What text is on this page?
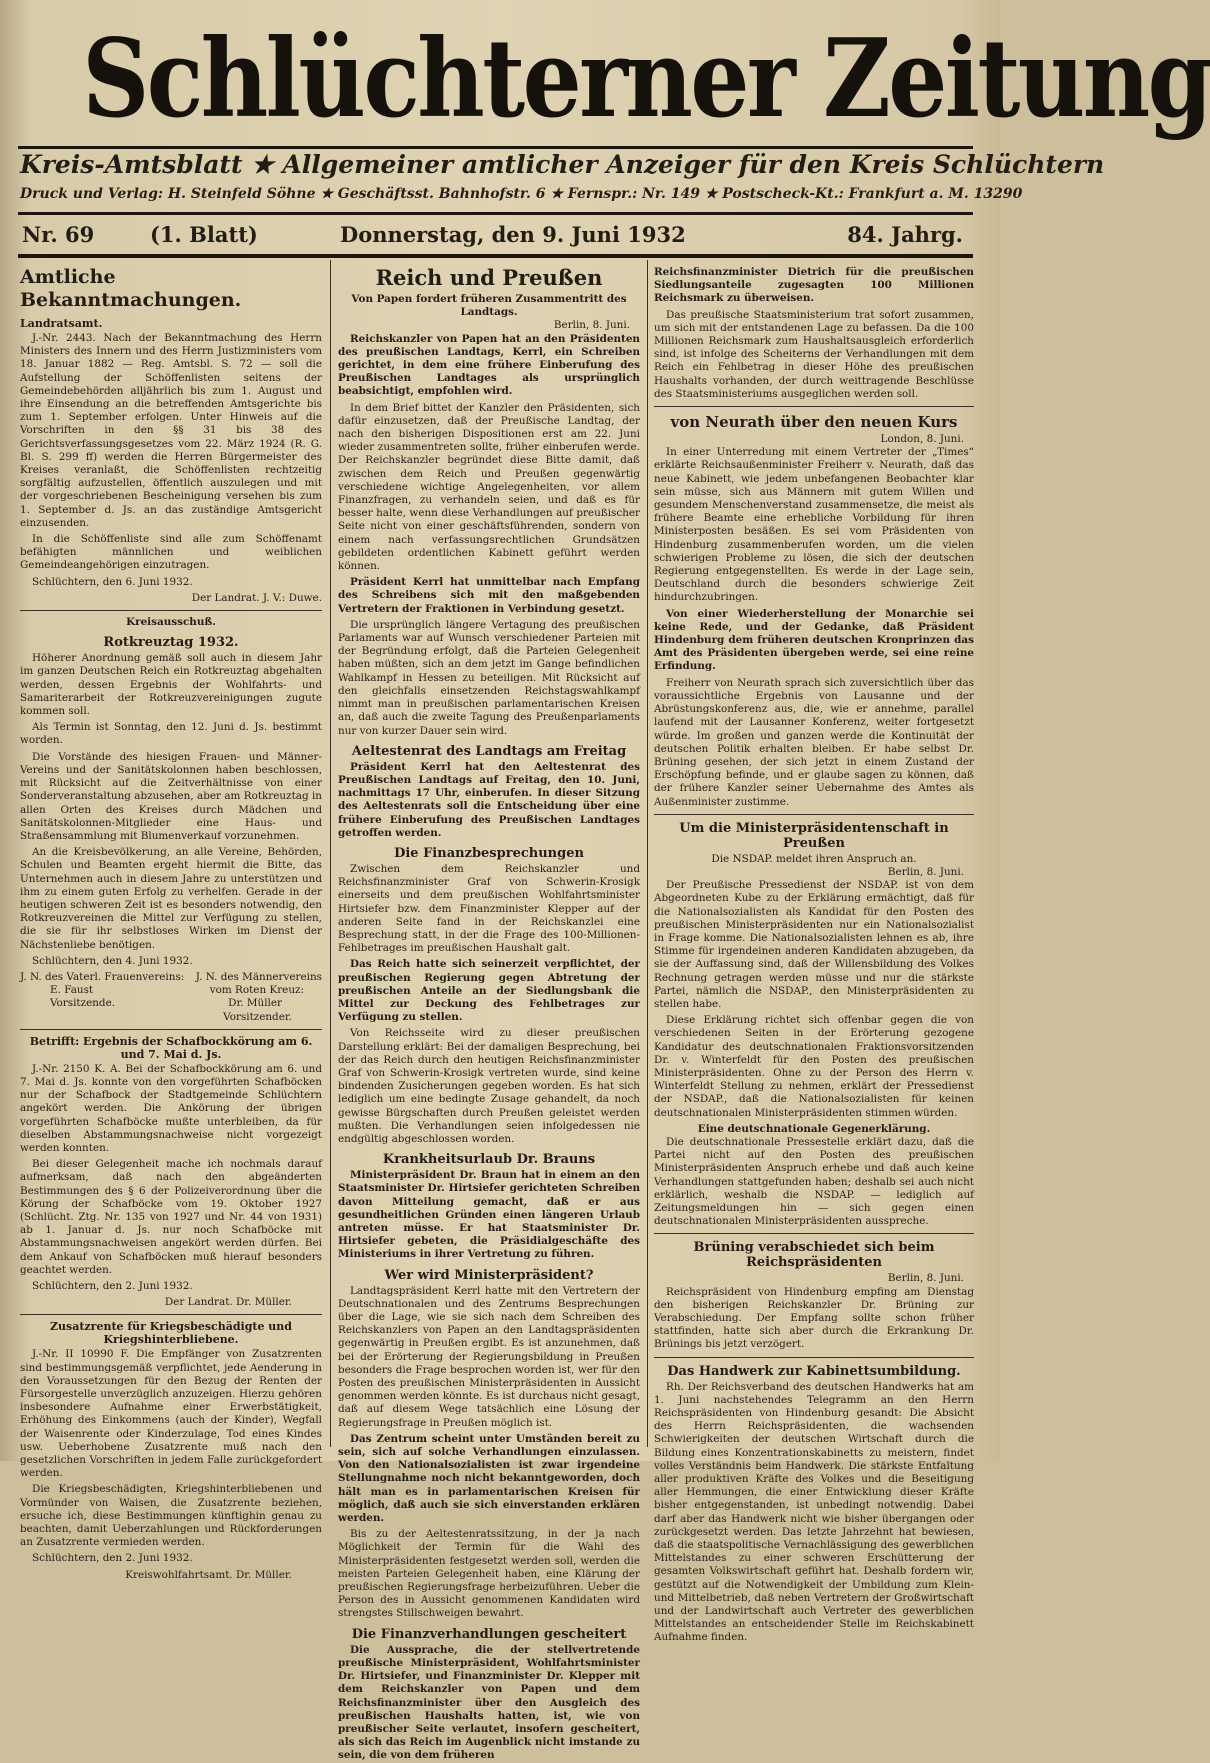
Schlüchterner Zeitung
Kreis-Amtsblatt ★ Allgemeiner amtlicher Anzeiger für den Kreis Schlüchtern
Druck und Verlag: H. Steinfeld Söhne ★ Geschäftsst. Bahnhofstr. 6 ★ Fernspr.: Nr. 149 ★ Postscheck-Kt.: Frankfurt a. M. 13290
Nr. 69	(1. Blatt)	Donnerstag, den 9. Juni 1932	84. Jahrg.
Amtliche Bekanntmachungen.
Landratsamt.

J.-Nr. 2443. Nach der Bekanntmachung des Herrn Ministers des Innern und des Herrn Justizministers vom 18. Januar 1882 — Reg. Amtsbl. S. 72 — soll die Aufstellung der Schöffenlisten seitens der Gemeindebehörden alljährlich bis zum 1. August und ihre Einsendung an die betreffenden Amtsgerichte bis zum 1. September erfolgen. Unter Hinweis auf die Vorschriften in den §§ 31 bis 38 des Gerichtsverfassungsgesetzes vom 22. März 1924 (R. G. Bl. S. 299 ff) werden die Herren Bürgermeister des Kreises veranlaßt, die Schöffenlisten rechtzeitig sorgfältig aufzustellen, öffentlich auszulegen und mit der vorgeschriebenen Bescheinigung versehen bis zum 1. September d. Js. an das zuständige Amtsgericht einzusenden.

In die Schöffenliste sind alle zum Schöffenamt befähigten männlichen und weiblichen Gemeindeangehörigen einzutragen.

Schlüchtern, den 6. Juni 1932.

Der Landrat. J. V.: Duwe.
Kreisausschuß.
Rotkreuztag 1932.

Höherer Anordnung gemäß soll auch in diesem Jahr im ganzen Deutschen Reich ein Rotkreuztag abgehalten werden, dessen Ergebnis der Wohlfahrts- und Samariterarbeit der Rotkreuzvereinigungen zugute kommen soll.

Als Termin ist Sonntag, den 12. Juni d. Js. bestimmt worden.

Die Vorstände des hiesigen Frauen- und Männer-Vereins und der Sanitätskolonnen haben beschlossen, mit Rücksicht auf die Zeitverhältnisse von einer Sonderveranstaltung abzusehen, aber am Rotkreuztag in allen Orten des Kreises durch Mädchen und Sanitätskolonnen-Mitglieder eine Haus- und Straßensammlung mit Blumenverkauf vorzunehmen.

An die Kreisbevölkerung, an alle Vereine, Behörden, Schulen und Beamten ergeht hiermit die Bitte, das Unternehmen auch in diesem Jahre zu unterstützen und ihm zu einem guten Erfolg zu verhelfen. Gerade in der heutigen schweren Zeit ist es besonders notwendig, den Rotkreuzvereinen die Mittel zur Verfügung zu stellen, die sie für ihr selbstloses Wirken im Dienst der Nächstenliebe benötigen.

Schlüchtern, den 4. Juni 1932.

J. N. des Vaterl. Frauenvereins: J. N. des Männervereins
E. Faust	vom Roten Kreuz:
Vorsitzende.	Dr. Müller
Vorsitzender.
Betrifft: Ergebnis der Schafbockkörung am 6. und 7. Mai d. Js.

J.-Nr. 2150 K. A. Bei der Schafbockkörung am 6. und 7. Mai d. Js. konnte von den vorgeführten Schafböcken nur der Schafbock der Stadtgemeinde Schlüchtern angekört werden. Die Ankörung der übrigen vorgeführten Schafböcke mußte unterbleiben, da für dieselben Abstammungsnachweise nicht vorgezeigt werden konnten.

Bei dieser Gelegenheit mache ich nochmals darauf aufmerksam, daß nach den abgeänderten Bestimmungen des § 6 der Polizeiverordnung über die Körung der Schafböcke vom 19. Oktober 1927 (Schlücht. Ztg. Nr. 135 von 1927 und Nr. 44 von 1931) ab 1. Januar d. Js. nur noch Schafböcke mit Abstammungsnachweisen angekört werden dürfen. Bei dem Ankauf von Schafböcken muß hierauf besonders geachtet werden.

Schlüchtern, den 2. Juni 1932.

Der Landrat. Dr. Müller.
Zusatzrente für Kriegsbeschädigte und Kriegshinterbliebene.

J.-Nr. II 10990 F. Die Empfänger von Zusatzrenten sind bestimmungsgemäß verpflichtet, jede Aenderung in den Voraussetzungen für den Bezug der Renten der Fürsorgestelle unverzüglich anzuzeigen. Hierzu gehören insbesondere Aufnahme einer Erwerbstätigkeit, Erhöhung des Einkommens (auch der Kinder), Wegfall der Waisenrente oder Kinderzulage, Tod eines Kindes usw. Ueberhobene Zusatzrente muß nach den gesetzlichen Vorschriften in jedem Falle zurückgefordert werden.

Die Kriegsbeschädigten, Kriegshinterbliebenen und Vormünder von Waisen, die Zusatzrente beziehen, ersuche ich, diese Bestimmungen künftighin genau zu beachten, damit Ueberzahlungen und Rückforderungen an Zusatzrente vermieden werden.

Schlüchtern, den 2. Juni 1932.

Kreiswohlfahrtsamt. Dr. Müller.
Reich und Preußen
Von Papen fordert früheren Zusammentritt des Landtags.
Berlin, 8. Juni.

Reichskanzler von Papen hat an den Präsidenten des preußischen Landtags, Kerrl, ein Schreiben gerichtet, in dem eine frühere Einberufung des Preußischen Landtages als ursprünglich beabsichtigt, empfohlen wird.

In dem Brief bittet der Kanzler den Präsidenten, sich dafür einzusetzen, daß der Preußische Landtag, der nach den bisherigen Dispositionen erst am 22. Juni wieder zusammentreten sollte, früher einberufen werde. Der Reichskanzler begründet diese Bitte damit, daß zwischen dem Reich und Preußen gegenwärtig verschiedene wichtige Angelegenheiten, vor allem Finanzfragen, zu verhandeln seien, und daß es für besser halte, wenn diese Verhandlungen auf preußischer Seite nicht von einer geschäftsführenden, sondern von einem nach verfassungsrechtlichen Grundsätzen gebildeten ordentlichen Kabinett geführt werden können.

Präsident Kerrl hat unmittelbar nach Empfang des Schreibens sich mit den maßgebenden Vertretern der Fraktionen in Verbindung gesetzt.

Die ursprünglich längere Vertagung des preußischen Parlaments war auf Wunsch verschiedener Parteien mit der Begründung erfolgt, daß die Parteien Gelegenheit haben müßten, sich an dem jetzt im Gange befindlichen Wahlkampf in Hessen zu beteiligen. Mit Rücksicht auf den gleichfalls einsetzenden Reichstagswahlkampf nimmt man in preußischen parlamentarischen Kreisen an, daß auch die zweite Tagung des Preußenparlaments nur von kurzer Dauer sein wird.

Aeltestenrat des Landtags am Freitag

Präsident Kerrl hat den Aeltestenrat des Preußischen Landtags auf Freitag, den 10. Juni, nachmittags 17 Uhr, einberufen. In dieser Sitzung des Aeltestenrats soll die Entscheidung über eine frühere Einberufung des Preußischen Landtages getroffen werden.

Die Finanzbesprechungen

Zwischen dem Reichskanzler und Reichsfinanzminister Graf von Schwerin-Krosigk einerseits und dem preußischen Wohlfahrtsminister Hirtsiefer bzw. dem Finanzminister Klepper auf der anderen Seite fand in der Reichskanzlei eine Besprechung statt, in der die Frage des 100-Millionen-Fehlbetrages im preußischen Haushalt galt.

Das Reich hatte sich seinerzeit verpflichtet, der preußischen Regierung gegen Abtretung der preußischen Anteile an der Siedlungsbank die Mittel zur Deckung des Fehlbetrages zur Verfügung zu stellen.

Von Reichsseite wird zu dieser preußischen Darstellung erklärt: Bei der damaligen Besprechung, bei der das Reich durch den heutigen Reichsfinanzminister Graf von Schwerin-Krosigk vertreten wurde, sind keine bindenden Zusicherungen gegeben worden. Es hat sich lediglich um eine bedingte Zusage gehandelt, da noch gewisse Bürgschaften durch Preußen geleistet werden mußten. Die Verhandlungen seien infolgedessen nie endgültig abgeschlossen worden.

Krankheitsurlaub Dr. Brauns

Ministerpräsident Dr. Braun hat in einem an den Staatsminister Dr. Hirtsiefer gerichteten Schreiben davon Mitteilung gemacht, daß er aus gesundheitlichen Gründen einen längeren Urlaub antreten müsse. Er hat Staatsminister Dr. Hirtsiefer gebeten, die Präsidialgeschäfte des Ministeriums in ihrer Vertretung zu führen.

Wer wird Ministerpräsident?

Landtagspräsident Kerrl hatte mit den Vertretern der Deutschnationalen und des Zentrums Besprechungen über die Lage, wie sie sich nach dem Schreiben des Reichskanzlers von Papen an den Landtagspräsidenten gegenwärtig in Preußen ergibt. Es ist anzunehmen, daß bei der Erörterung der Regierungsbildung in Preußen besonders die Frage besprochen worden ist, wer für den Posten des preußischen Ministerpräsidenten in Aussicht genommen werden könnte. Es ist durchaus nicht gesagt, daß auf diesem Wege tatsächlich eine Lösung der Regierungsfrage in Preußen möglich ist.

Das Zentrum scheint unter Umständen bereit zu sein, sich auf solche Verhandlungen einzulassen. Von den Nationalsozialisten ist zwar irgendeine Stellungnahme noch nicht bekanntgeworden, doch hält man es in parlamentarischen Kreisen für möglich, daß auch sie sich einverstanden erklären werden.

Bis zu der Aeltestenratssitzung, in der ja nach Möglichkeit der Termin für die Wahl des Ministerpräsidenten festgesetzt werden soll, werden die meisten Parteien Gelegenheit haben, eine Klärung der preußischen Regierungsfrage herbeizuführen. Ueber die Person des in Aussicht genommenen Kandidaten wird strengstes Stillschweigen bewahrt.

Die Finanzverhandlungen gescheitert

Die Aussprache, die der stellvertretende preußische Ministerpräsident, Wohlfahrtsminister Dr. Hirtsiefer, und Finanzminister Dr. Klepper mit dem Reichskanzler von Papen und dem Reichsfinanzminister über den Ausgleich des preußischen Haushalts hatten, ist, wie von preußischer Seite verlautet, insofern gescheitert, als sich das Reich im Augenblick nicht imstande zu sein, die von dem früheren

Reichsfinanzminister Dietrich für die preußischen Siedlungsanteile zugesagten 100 Millionen Reichsmark zu überweisen.

Das preußische Staatsministerium trat sofort zusammen, um sich mit der entstandenen Lage zu befassen. Da die 100 Millionen Reichsmark zum Haushaltsausgleich erforderlich sind, ist infolge des Scheiterns der Verhandlungen mit dem Reich ein Fehlbetrag in dieser Höhe des preußischen Haushalts vorhanden, der durch weittragende Beschlüsse des Staatsministeriums ausgeglichen werden soll.

von Neurath über den neuen Kurs
London, 8. Juni.

In einer Unterredung mit einem Vertreter der „Times“ erklärte Reichsaußenminister Freiherr v. Neurath, daß das neue Kabinett, wie jedem unbefangenen Beobachter klar sein müsse, sich aus Männern mit gutem Willen und gesundem Menschenverstand zusammensetze, die meist als frühere Beamte eine erhebliche Vorbildung für ihren Ministerposten besäßen. Es sei vom Präsidenten von Hindenburg zusammenberufen worden, um die vielen schwierigen Probleme zu lösen, die sich der deutschen Regierung entgegenstellten. Es werde in der Lage sein, Deutschland durch die besonders schwierige Zeit hindurchzubringen.

Von einer Wiederherstellung der Monarchie sei keine Rede, und der Gedanke, daß Präsident Hindenburg dem früheren deutschen Kronprinzen das Amt des Präsidenten übergeben werde, sei eine reine Erfindung.

Freiherr von Neurath sprach sich zuversichtlich über das voraussichtliche Ergebnis von Lausanne und der Abrüstungskonferenz aus, die, wie er annehme, parallel laufend mit der Lausanner Konferenz, weiter fortgesetzt würde. Im großen und ganzen werde die Kontinuität der deutschen Politik erhalten bleiben. Er habe selbst Dr. Brüning gesehen, der sich jetzt in einem Zustand der Erschöpfung befinde, und er glaube sagen zu können, daß der frühere Kanzler seiner Uebernahme des Amtes als Außenminister zustimme.

Um die Ministerpräsidentenschaft in Preußen
Die NSDAP. meldet ihren Anspruch an.
Berlin, 8. Juni.

Der Preußische Pressedienst der NSDAP. ist von dem Abgeordneten Kube zu der Erklärung ermächtigt, daß für die Nationalsozialisten als Kandidat für den Posten des preußischen Ministerpräsidenten nur ein Nationalsozialist in Frage komme. Die Nationalsozialisten lehnen es ab, ihre Stimme für irgendeinen anderen Kandidaten abzugeben, da sie der Auffassung sind, daß der Willensbildung des Volkes Rechnung getragen werden müsse und nur die stärkste Partei, nämlich die NSDAP., den Ministerpräsidenten zu stellen habe.

Diese Erklärung richtet sich offenbar gegen die von verschiedenen Seiten in der Erörterung gezogene Kandidatur des deutschnationalen Fraktionsvorsitzenden Dr. v. Winterfeldt für den Posten des preußischen Ministerpräsidenten. Ohne zu der Person des Herrn v. Winterfeldt Stellung zu nehmen, erklärt der Pressedienst der NSDAP., daß die Nationalsozialisten für keinen deutschnationalen Ministerpräsidenten stimmen würden.

Eine deutschnationale Gegenerklärung.

Die deutschnationale Pressestelle erklärt dazu, daß die Partei nicht auf den Posten des preußischen Ministerpräsidenten Anspruch erhebe und daß auch keine Verhandlungen stattgefunden haben; deshalb sei auch nicht erklärlich, weshalb die NSDAP. — lediglich auf Zeitungsmeldungen hin — sich gegen einen deutschnationalen Ministerpräsidenten ausspreche.

Brüning verabschiedet sich beim Reichspräsidenten
Berlin, 8. Juni.

Reichspräsident von Hindenburg empfing am Dienstag den bisherigen Reichskanzler Dr. Brüning zur Verabschiedung. Der Empfang sollte schon früher stattfinden, hatte sich aber durch die Erkrankung Dr. Brünings bis jetzt verzögert.

Das Handwerk zur Kabinettsumbildung.

Rh. Der Reichsverband des deutschen Handwerks hat am 1. Juni nachstehendes Telegramm an den Herrn Reichspräsidenten von Hindenburg gesandt: Die Absicht des Herrn Reichspräsidenten, die wachsenden Schwierigkeiten der deutschen Wirtschaft durch die Bildung eines Konzentrationskabinetts zu meistern, findet volles Verständnis beim Handwerk. Die stärkste Entfaltung aller produktiven Kräfte des Volkes und die Beseitigung aller Hemmungen, die einer Entwicklung dieser Kräfte bisher entgegenstanden, ist unbedingt notwendig. Dabei darf aber das Handwerk nicht wie bisher übergangen oder zurückgesetzt werden. Das letzte Jahrzehnt hat bewiesen, daß die staatspolitische Vernachlässigung des gewerblichen Mittelstandes zu einer schweren Erschütterung der gesamten Volkswirtschaft geführt hat. Deshalb fordern wir, gestützt auf die Notwendigkeit der Umbildung zum Klein- und Mittelbetrieb, daß neben Vertretern der Großwirtschaft und der Landwirtschaft auch Vertreter des gewerblichen Mittelstandes an entscheidender Stelle im Reichskabinett Aufnahme finden.
